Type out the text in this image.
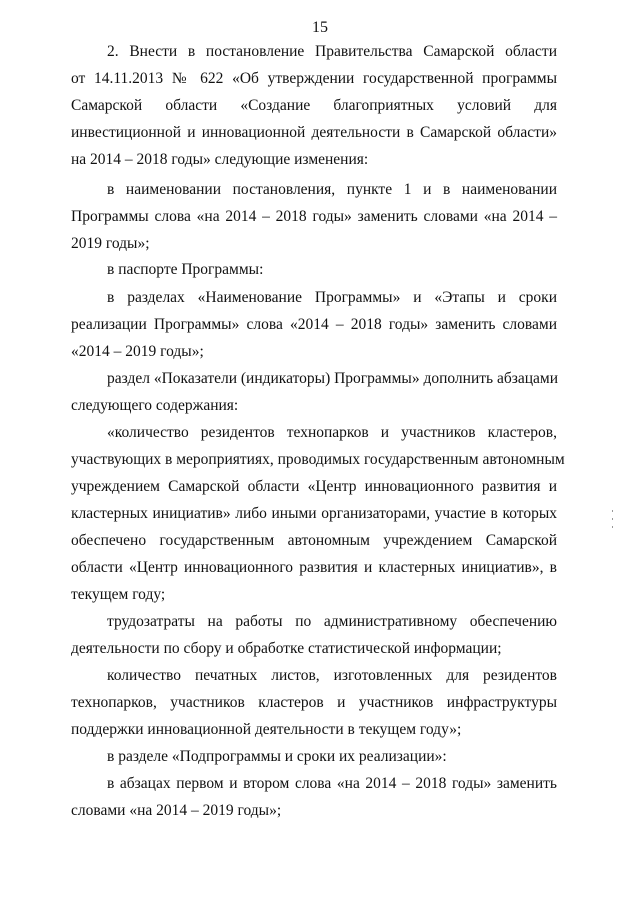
15
2. Внести в постановление Правительства Самарской области
от 14.11.2013 № 622 «Об утверждении государственной программы
Самарской области «Создание благоприятных условий для
инвестиционной и инновационной деятельности в Самарской области»
на 2014 – 2018 годы» следующие изменения:
в наименовании постановления, пункте 1 и в наименовании
Программы слова «на 2014 – 2018 годы» заменить словами «на 2014 –
2019 годы»;
в паспорте Программы:
в разделах «Наименование Программы» и «Этапы и сроки
реализации Программы» слова «2014 – 2018 годы» заменить словами
«2014 – 2019 годы»;
раздел «Показатели (индикаторы) Программы» дополнить абзацами
следующего содержания:
«количество резидентов технопарков и участников кластеров,
участвующих в мероприятиях, проводимых государственным автономным
учреждением Самарской области «Центр инновационного развития и
кластерных инициатив» либо иными организаторами, участие в которых
обеспечено государственным автономным учреждением Самарской
области «Центр инновационного развития и кластерных инициатив», в
текущем году;
трудозатраты на работы по административному обеспечению
деятельности по сбору и обработке статистической информации;
количество печатных листов, изготовленных для резидентов
технопарков, участников кластеров и участников инфраструктуры
поддержки инновационной деятельности в текущем году»;
в разделе «Подпрограммы и сроки их реализации»:
в абзацах первом и втором слова «на 2014 – 2018 годы» заменить
словами «на 2014 – 2019 годы»;
